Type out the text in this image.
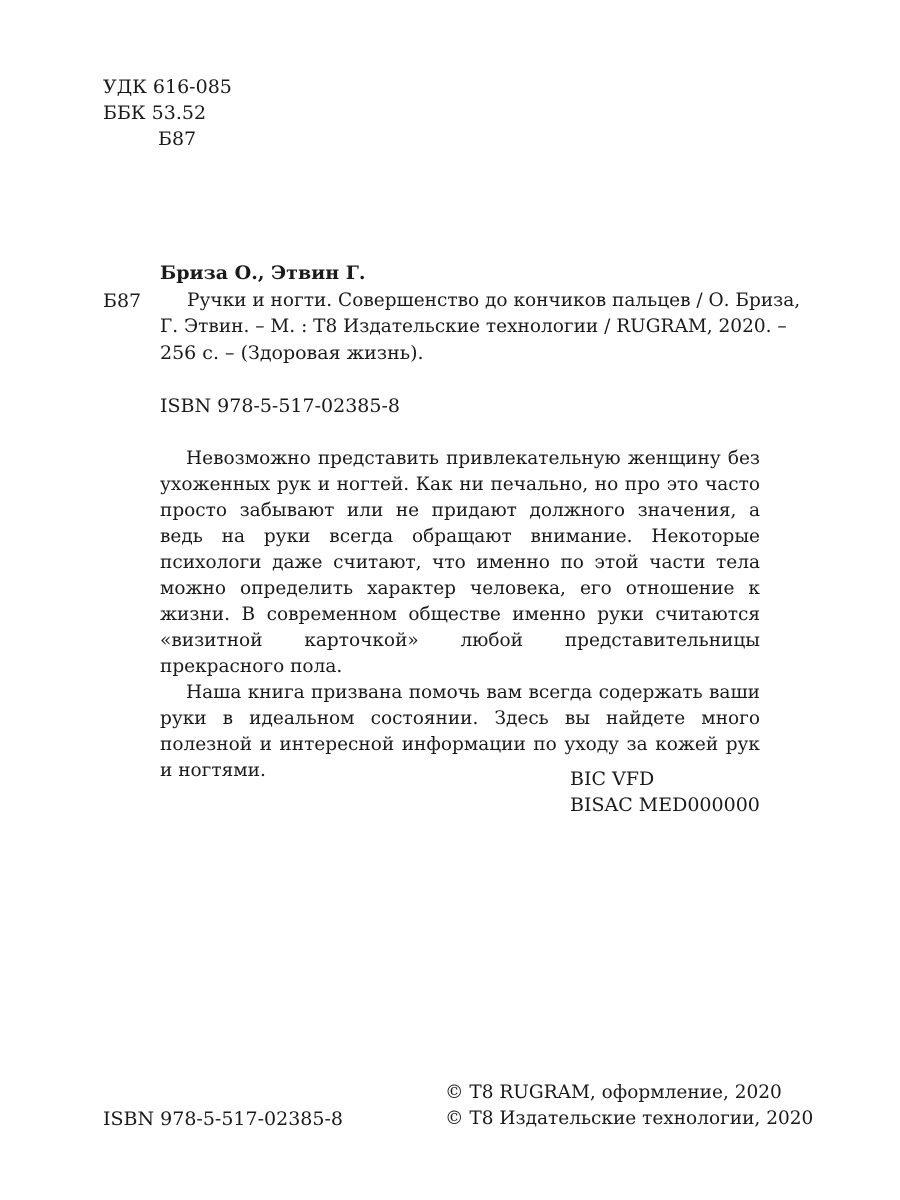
УДК 616-085
ББК 53.52
Б87
Бриза О., Этвин Г.
Б87 Ручки и ногти. Совершенство до кончиков пальцев / О. Бриза,
Г. Этвин. – М. : Т8 Издательские технологии / RUGRAM, 2020. –
256 с. – (Здоровая жизнь).
ISBN 978-5-517-02385-8

Невозможно представить привлекательную женщину без ухоженных рук и ногтей. Как ни печально, но про это часто просто забывают или не придают должного значения, а ведь на руки всегда обращают внимание. Некоторые психологи даже считают, что именно по этой части тела можно определить характер человека, его отношение к жизни. В современном обществе именно руки считаются «визитной карточкой» любой представительницы прекрасного пола.

Наша книга призвана помочь вам всегда содержать ваши руки в идеальном состоянии. Здесь вы найдете много полезной и интересной информации по уходу за кожей рук и ногтями.	BIC VFD
BISAC MED000000
© T8 RUGRAM, оформление, 2020
ISBN 978-5-517-02385-8	© Т8 Издательские технологии, 2020
